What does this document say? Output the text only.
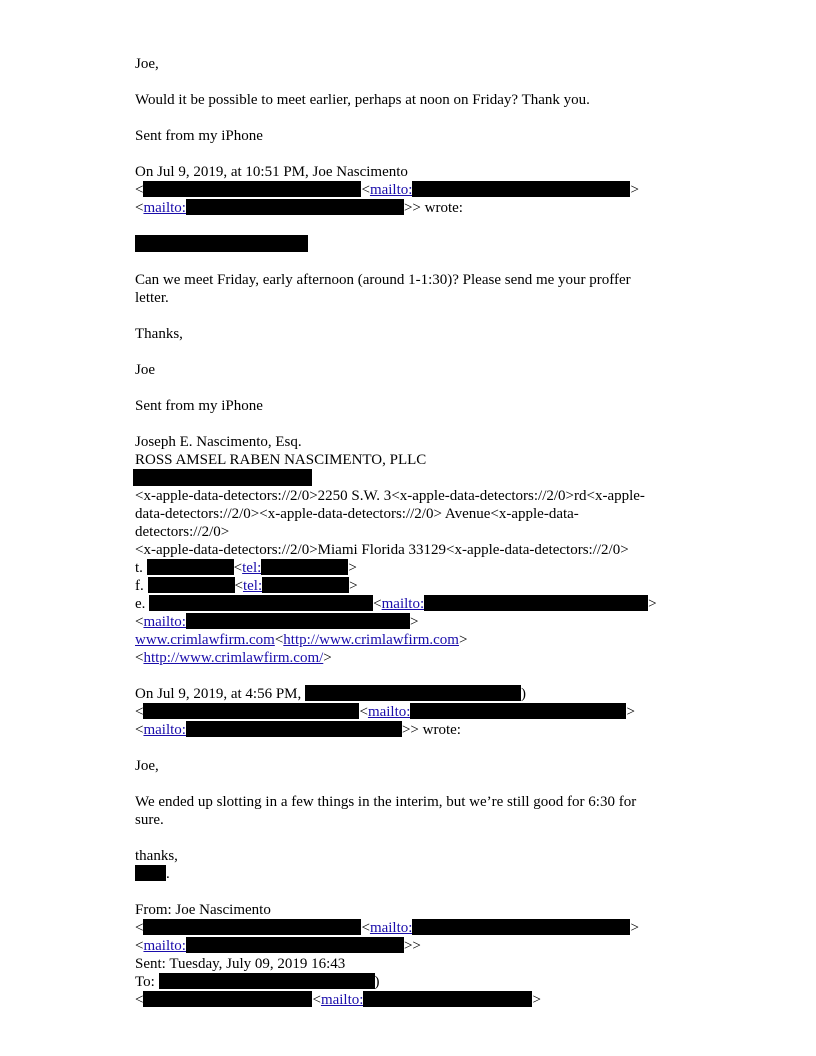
Joe,
Would it be possible to meet earlier, perhaps at noon on Friday? Thank you.
Sent from my iPhone
On Jul 9, 2019, at 10:51 PM, Joe Nascimento
<	<mailto:	>
<mailto:	>> wrote:
Can we meet Friday, early afternoon (around 1-1:30)? Please send me your proffer
letter.
Thanks,
Joe
Sent from my iPhone
Joseph E. Nascimento, Esq.
ROSS AMSEL RABEN NASCIMENTO, PLLC
<x-apple-data-detectors://2/0>2250 S.W. 3<x-apple-data-detectors://2/0>rd<x-apple-
data-detectors://2/0><x-apple-data-detectors://2/0> Avenue<x-apple-data-
detectors://2/0>
<x-apple-data-detectors://2/0>Miami Florida 33129<x-apple-data-detectors://2/0>
t.	<tel:	>
f.	<tel:	>
e.	<mailto:	>
<mailto:	>
www.crimlawfirm.com<http://www.crimlawfirm.com>
<http://www.crimlawfirm.com/>
On Jul 9, 2019, at 4:56 PM,	)
<	<mailto:	>
<mailto:	>> wrote:
Joe,
We ended up slotting in a few things in the interim, but we’re still good for 6:30 for
sure.
thanks,
.
From: Joe Nascimento
<	<mailto:	>
<mailto:	>>
Sent: Tuesday, July 09, 2019 16:43
To:	)
<	<mailto:	>
